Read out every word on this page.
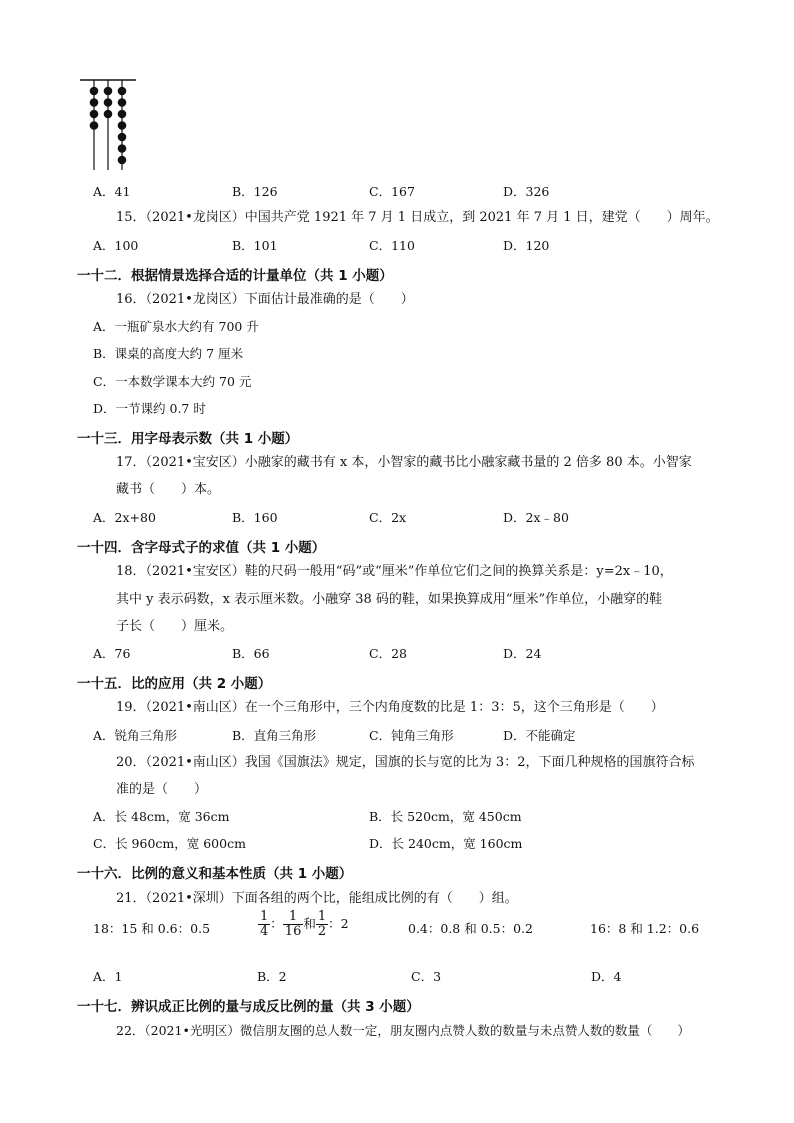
A．41	B．126	C．167	D．326
15．（2021•龙岗区）中国共产党 1921 年 7 月 1 日成立，到 2021 年 7 月 1 日，建党（　　）周年。
A．100	B．101	C．110	D．120
一十二．根据情景选择合适的计量单位（共 1 小题）
16．（2021•龙岗区）下面估计最准确的是（　　）
A．一瓶矿泉水大约有 700 升
B．课桌的高度大约 7 厘米
C．一本数学课本大约 70 元
D．一节课约 0.7 时
一十三．用字母表示数（共 1 小题）
17．（2021•宝安区）小融家的藏书有 x 本，小智家的藏书比小融家藏书量的 2 倍多 80 本。小智家
藏书（　　）本。
A．2x+80	B．160	C．2x	D．2x﹣80
一十四．含字母式子的求值（共 1 小题）
18．（2021•宝安区）鞋的尺码一般用“码”或“厘米”作单位它们之间的换算关系是：y=2x﹣10，
其中 y 表示码数，x 表示厘米数。小融穿 38 码的鞋，如果换算成用“厘米”作单位，小融穿的鞋
子长（　　）厘米。
A．76	B．66	C．28	D．24
一十五．比的应用（共 2 小题）
19．（2021•南山区）在一个三角形中，三个内角度数的比是 1：3：5，这个三角形是（　　）
A．锐角三角形	B．直角三角形	C．钝角三角形	D．不能确定
20．（2021•南山区）我国《国旗法》规定，国旗的长与宽的比为 3：2，下面几种规格的国旗符合标
准的是（　　）
A．长 48cm，宽 36cm	B．长 520cm，宽 450cm
C．长 960cm，宽 600cm	D．长 240cm，宽 160cm
一十六．比例的意义和基本性质（共 1 小题）
21．（2021•深圳）下面各组的两个比，能组成比例的有（　　）组。
18：15 和 0.6：0.5	$\frac{1}{4}$ ： $\frac{1}{16}$ 和 $\frac{1}{2}$ ：2	0.4：0.8 和 0.5：0.2	16：8 和 1.2：0.6
A．1	B．2	C．3	D．4
一十七．辨识成正比例的量与成反比例的量（共 3 小题）
22．（2021•光明区）微信朋友圈的总人数一定，朋友圈内点赞人数的数量与未点赞人数的数量（　　）
